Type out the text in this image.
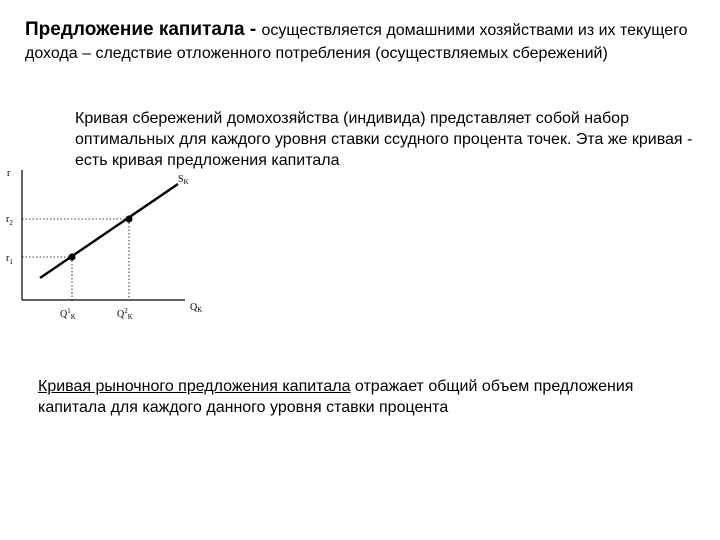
Предложение капитала - осуществляется домашними хозяйствами из их текущего дохода – следствие отложенного потребления (осуществляемых сбережений)

Кривая сбережений домохозяйства (индивида) представляет собой набор оптимальных для каждого уровня ставки ссудного процента точек. Эта же кривая - есть кривая предложения капитала

r
$r_2$
$r_1$
$S_K$
$Q_K$
$Q^1_K$	$Q^2_K$

Кривая рыночного предложения капитала отражает общий объем предложения капитала для каждого данного уровня ставки процента
